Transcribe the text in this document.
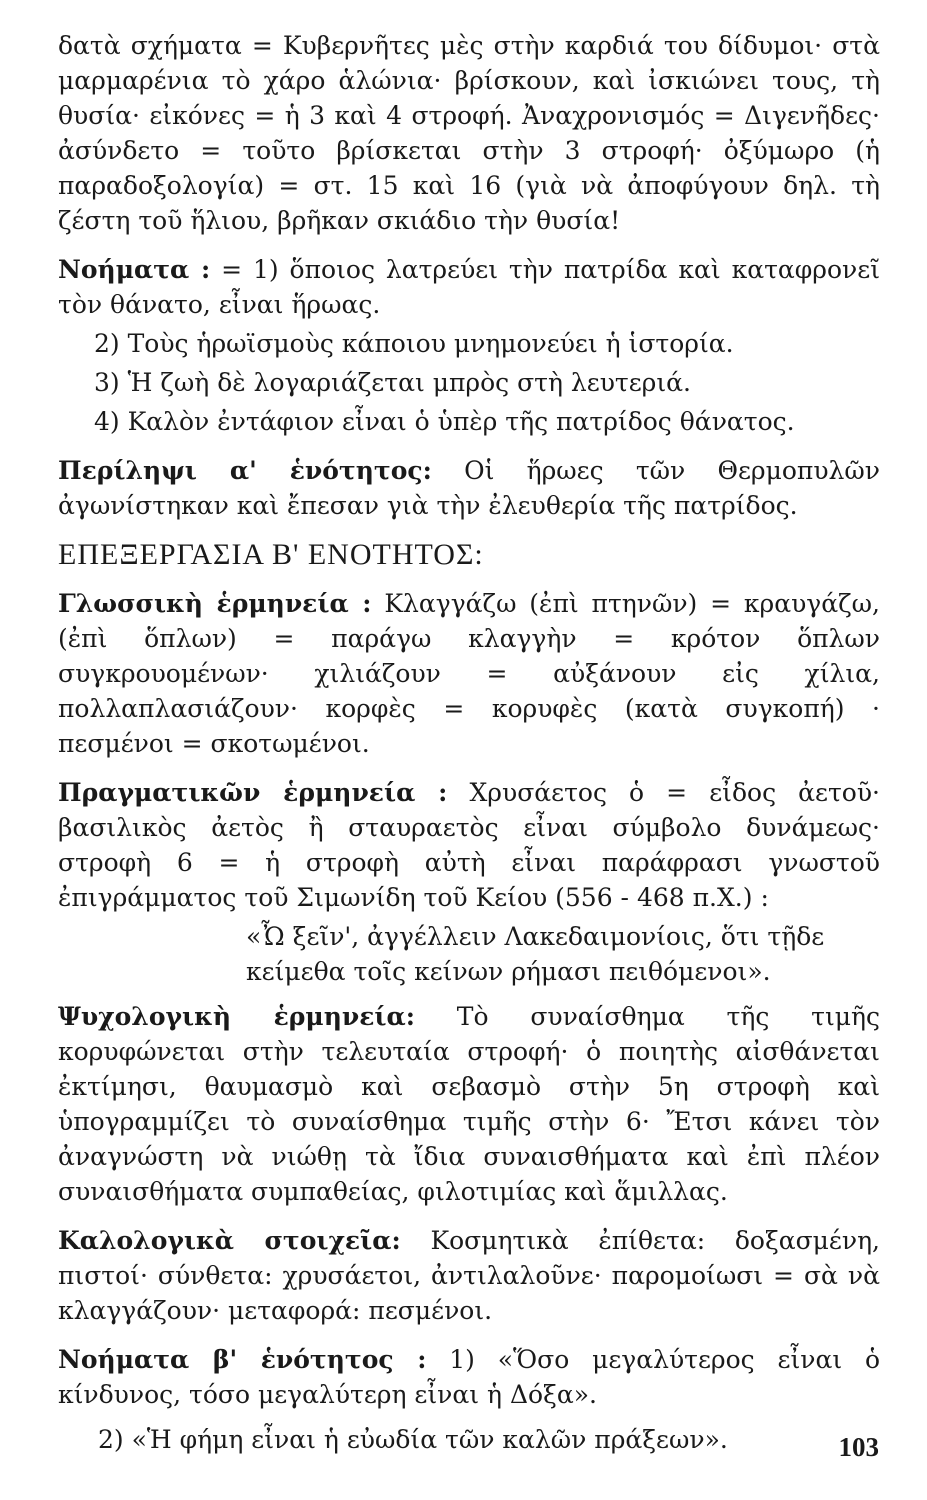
δατὰ σχήματα = Κυβερνῆτες μὲς στὴν καρδιά του δίδυμοι· στὰ μαρμαρένια τὸ χάρο ἁλώνια· βρίσκουν, καὶ ἰσκιώνει τους, τὴ θυσία· εἰκόνες = ἡ 3 καὶ 4 στροφή. Ἀναχρονισμός = Διγενῆδες· ἀσύνδετο = τοῦτο βρίσκεται στὴν 3 στροφή· ὀξύμωρο (ἡ παραδοξολογία) = στ. 15 καὶ 16 (γιὰ νὰ ἀποφύγουν δηλ. τὴ ζέστη τοῦ ἥλιου, βρῆκαν σκιάδιο τὴν θυσία!

Νοήματα : = 1) ὅποιος λατρεύει τὴν πατρίδα καὶ καταφρονεῖ τὸν θάνατο, εἶναι ἥρωας.

2) Τοὺς ἡρωϊσμοὺς κάποιου μνημονεύει ἡ ἱστορία.

3) Ἡ ζωὴ δὲ λογαριάζεται μπρὸς στὴ λευτεριά.

4) Καλὸν ἐντάφιον εἶναι ὁ ὑπὲρ τῆς πατρίδος θάνατος.

Περίληψι α' ἑνότητος: Οἱ ἥρωες τῶν Θερμοπυλῶν ἀγωνίστηκαν καὶ ἔπεσαν γιὰ τὴν ἐλευθερία τῆς πατρίδος.

ΕΠΕΞΕΡΓΑΣΙΑ Β' ΕΝΟΤΗΤΟΣ:

Γλωσσικὴ ἑρμηνεία : Κλαγγάζω (ἐπὶ πτηνῶν) = κραυγάζω, (ἐπὶ ὅπλων) = παράγω κλαγγὴν = κρότον ὅπλων συγκρουομένων· χιλιάζουν = αὐξάνουν εἰς χίλια, πολλαπλασιάζουν· κορφὲς = κορυφὲς (κατὰ συγκοπή) · πεσμένοι = σκοτωμένοι.

Πραγματικῶν ἑρμηνεία : Χρυσάετος ὁ = εἶδος ἀετοῦ· βασιλικὸς ἀετὸς ἢ σταυραετὸς εἶναι σύμβολο δυνάμεως· στροφὴ 6 = ἡ στροφὴ αὐτὴ εἶναι παράφρασι γνωστοῦ ἐπιγράμματος τοῦ Σιμωνίδη τοῦ Κείου (556 - 468 π.Χ.) :

«Ὦ ξεῖν', ἀγγέλλειν Λακεδαιμονίοις, ὅτι τῇδε
κείμεθα τοῖς κείνων ρήμασι πειθόμενοι».

Ψυχολογικὴ ἑρμηνεία: Τὸ συναίσθημα τῆς τιμῆς κορυφώνεται στὴν τελευταία στροφή· ὁ ποιητὴς αἰσθάνεται ἐκτίμησι, θαυμασμὸ καὶ σεβασμὸ στὴν 5η στροφὴ καὶ ὑπογραμμίζει τὸ συναίσθημα τιμῆς στὴν 6· Ἔτσι κάνει τὸν ἀναγνώστη νὰ νιώθῃ τὰ ἴδια συναισθήματα καὶ ἐπὶ πλέον συναισθήματα συμπαθείας, φιλοτιμίας καὶ ἅμιλλας.

Καλολογικὰ στοιχεῖα: Κοσμητικὰ ἐπίθετα: δοξασμένη, πιστοί· σύνθετα: χρυσάετοι, ἀντιλαλοῦνε· παρομοίωσι = σὰ νὰ κλαγγάζουν· μεταφορά: πεσμένοι.

Νοήματα β' ἑνότητος : 1) «Ὅσο μεγαλύτερος εἶναι ὁ κίνδυνος, τόσο μεγαλύτερη εἶναι ἡ Δόξα».

2) «Ἡ φήμη εἶναι ἡ εὐωδία τῶν καλῶν πράξεων».	103
